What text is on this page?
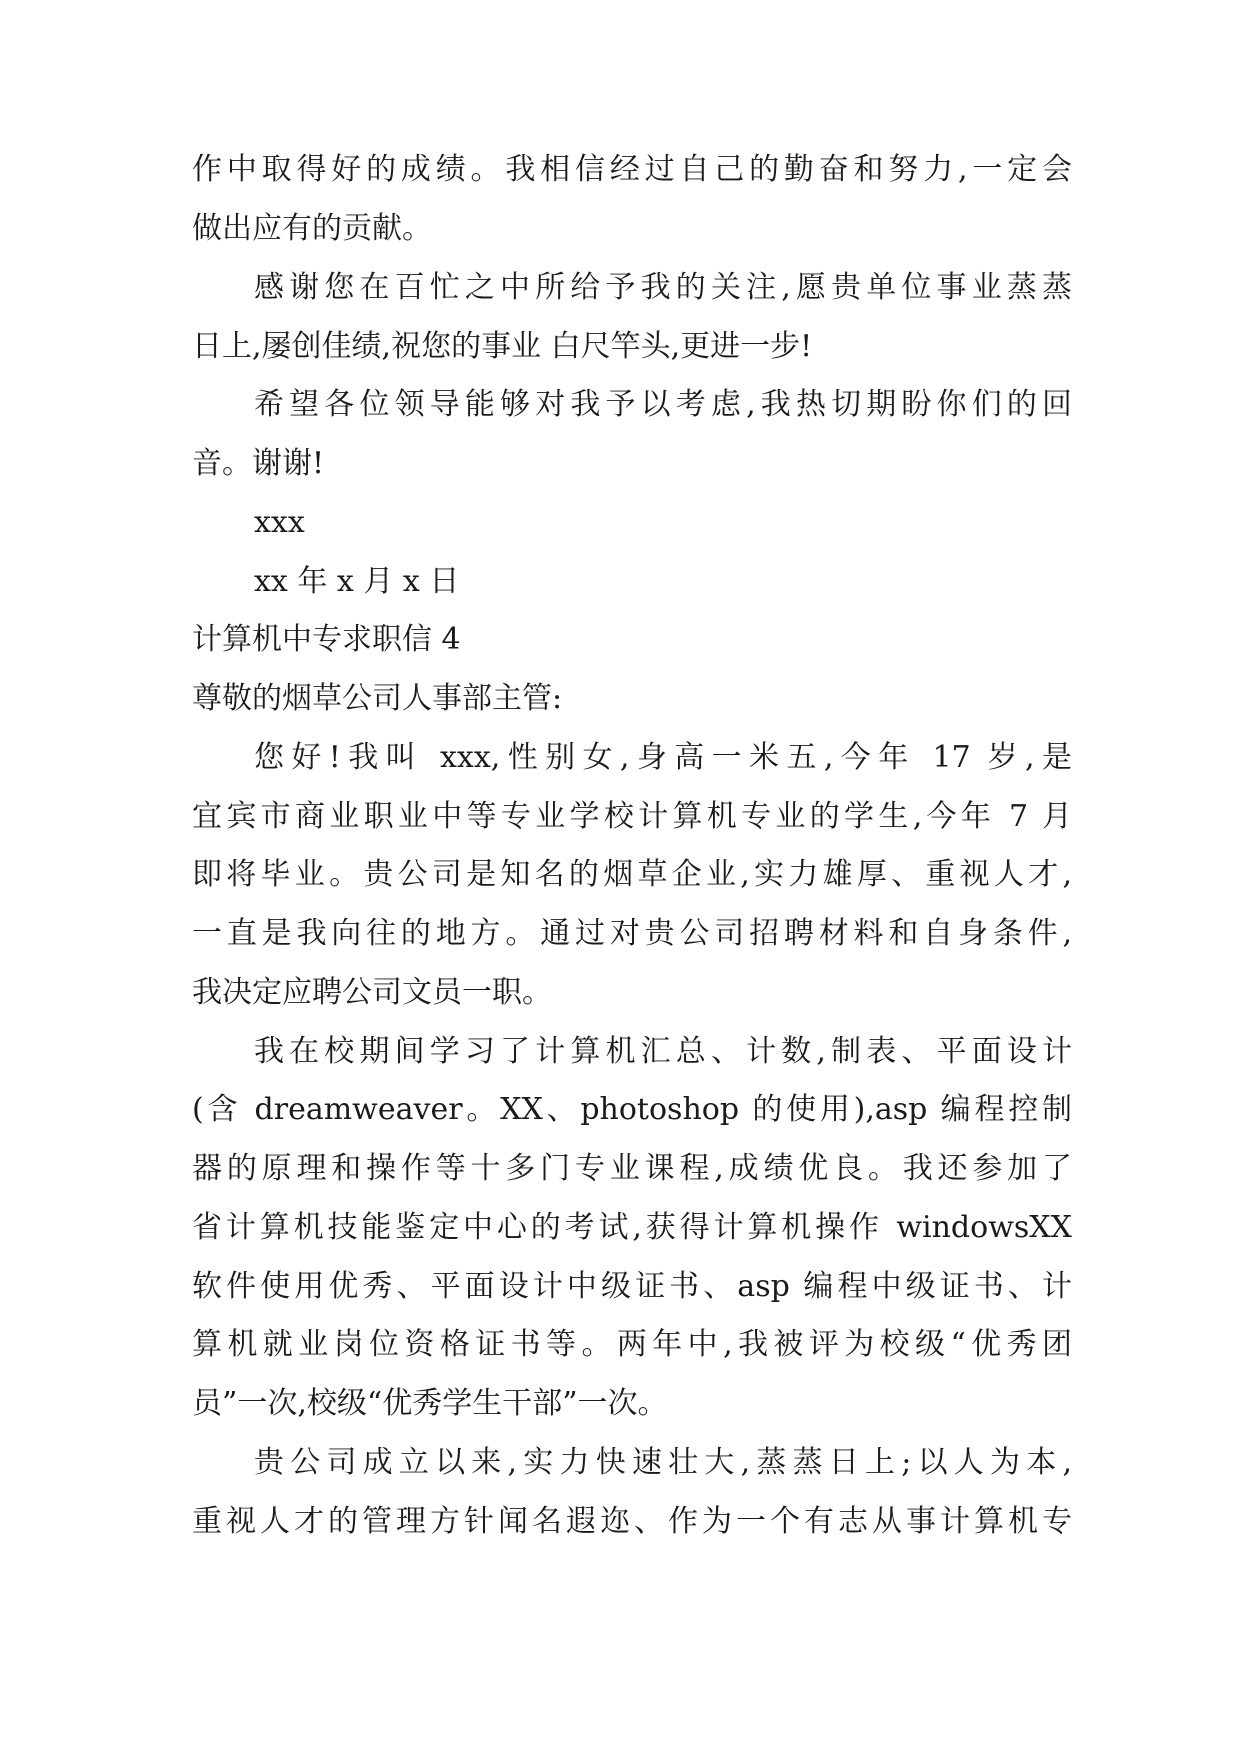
作中取得好的成绩。我相信经过自己的勤奋和努力,一定会
做出应有的贡献。
感谢您在百忙之中所给予我的关注,愿贵单位事业蒸蒸
日上,屡创佳绩,祝您的事业 白尺竿头,更进一步!
希望各位领导能够对我予以考虑,我热切期盼你们的回
音。谢谢!
xxx
xx 年 x 月 x 日
计算机中专求职信 4
尊敬的烟草公司人事部主管:
您好!我叫 xxx,性别女,身高一米五,今年 17 岁,是
宜宾市商业职业中等专业学校计算机专业的学生,今年 7 月
即将毕业。贵公司是知名的烟草企业,实力雄厚、重视人才,
一直是我向往的地方。通过对贵公司招聘材料和自身条件,
我决定应聘公司文员一职。
我在校期间学习了计算机汇总、计数,制表、平面设计
(含 dreamweaver。XX、photoshop 的使用),asp 编程控制
器的原理和操作等十多门专业课程,成绩优良。我还参加了
省计算机技能鉴定中心的考试,获得计算机操作 windowsXX
软件使用优秀、平面设计中级证书、asp 编程中级证书、计
算机就业岗位资格证书等。两年中,我被评为校级“优秀团
员”一次,校级“优秀学生干部”一次。
贵公司成立以来,实力快速壮大,蒸蒸日上;以人为本,
重视人才的管理方针闻名遐迩、作为一个有志从事计算机专
